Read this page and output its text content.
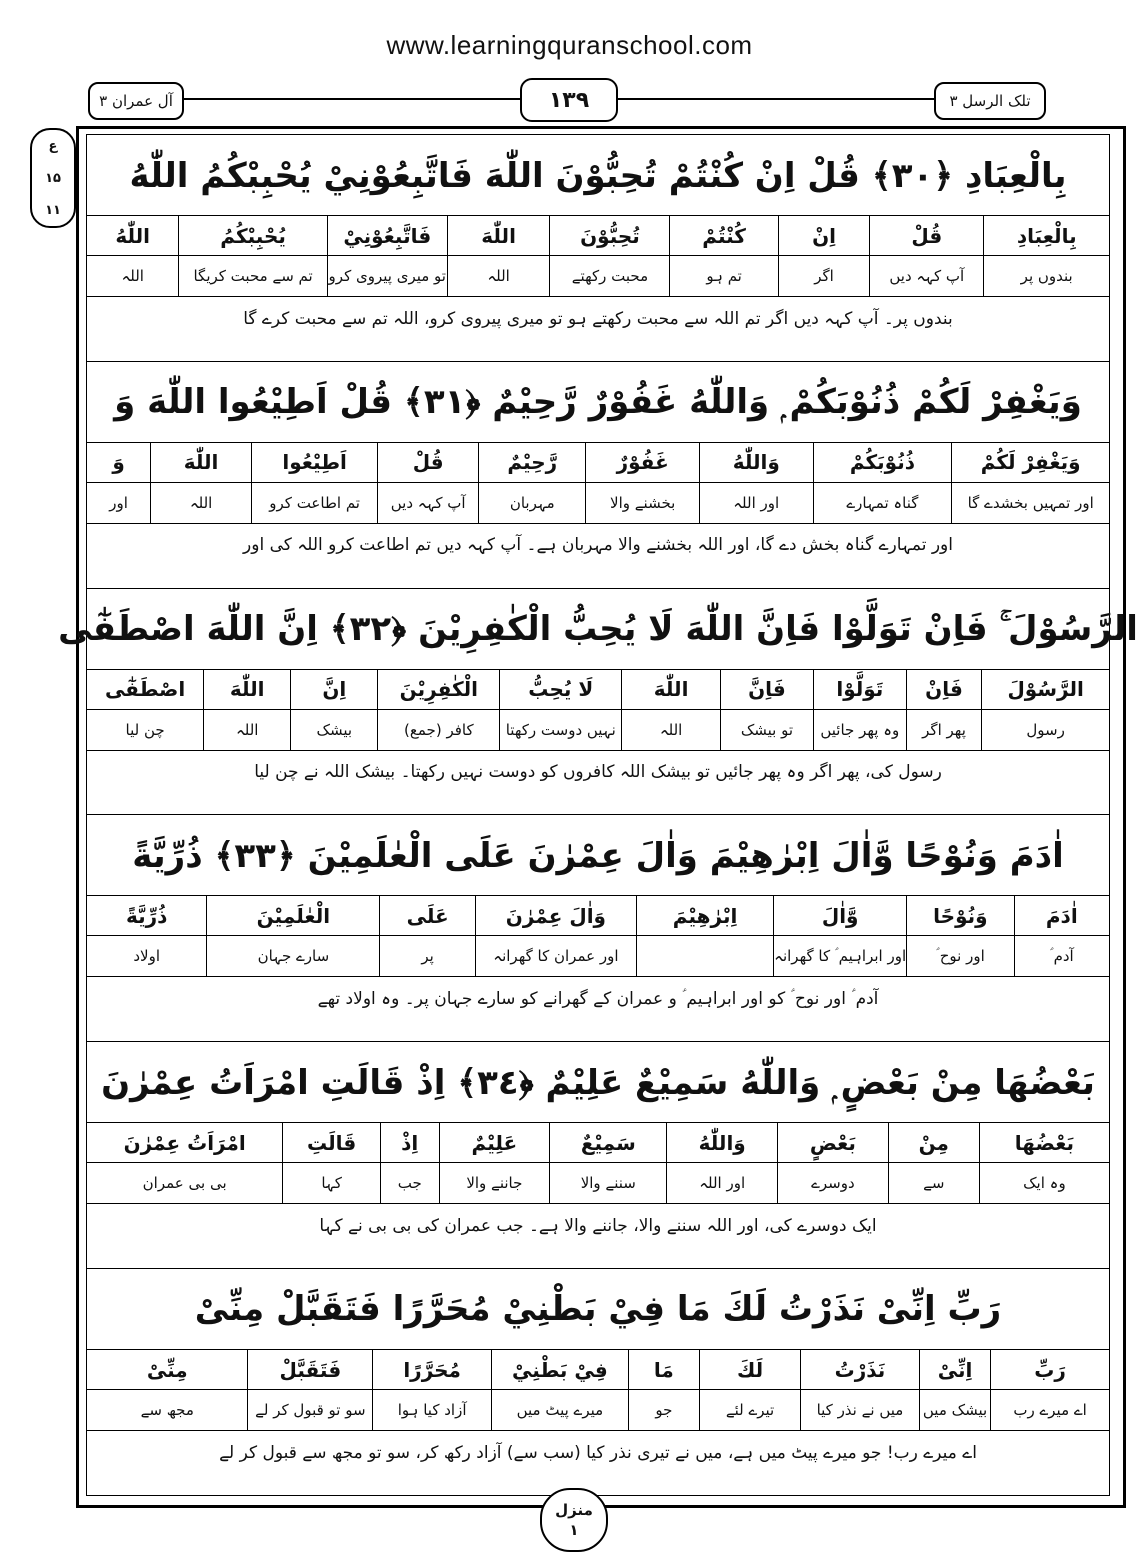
www.learningquranschool.com
آل عمران ۳	۱۳۹	تلک الرسل ۳
ع
۱۵
۱۱
بِالْعِبَادِ ﴿٣٠﴾ قُلْ اِنْ كُنْتُمْ تُحِبُّوْنَ اللّٰهَ فَاتَّبِعُوْنِيْ يُحْبِبْكُمُ اللّٰهُ
بِالْعِبَادِ
قُلْ
اِنْ
كُنْتُمْ
تُحِبُّوْنَ
اللّٰهَ
فَاتَّبِعُوْنِيْ
يُحْبِبْكُمُ
اللّٰهُ
بندوں پر
آپ کہہ دیں
اگر
تم ہو
محبت رکھتے
اللہ
تو میری پیروی کرو
تم سے محبت کریگا
اللہ
بندوں پر۔ آپ کہہ دیں اگر تم اللہ سے محبت رکھتے ہو تو میری پیروی کرو، اللہ تم سے محبت کرے گا
وَيَغْفِرْ لَكُمْ ذُنُوْبَكُمْ ۭ وَاللّٰهُ غَفُوْرٌ رَّحِيْمٌ ﴿٣١﴾ قُلْ اَطِيْعُوا اللّٰهَ وَ
وَيَغْفِرْ لَكُمْ
ذُنُوْبَكُمْ
وَاللّٰهُ
غَفُوْرٌ
رَّحِيْمٌ
قُلْ
اَطِيْعُوا
اللّٰهَ
وَ
اور تمہیں بخشدے گا
گناہ تمہارے
اور اللہ
بخشنے والا
مہربان
آپ کہہ دیں
تم اطاعت کرو
اللہ
اور
اور تمہارے گناہ بخش دے گا، اور اللہ بخشنے والا مہربان ہے۔ آپ کہہ دیں تم اطاعت کرو اللہ کی اور
الرَّسُوْلَ ۚ فَاِنْ تَوَلَّوْا فَاِنَّ اللّٰهَ لَا يُحِبُّ الْكٰفِرِيْنَ ﴿٣٢﴾ اِنَّ اللّٰهَ اصْطَفٰٓى
الرَّسُوْلَ
فَاِنْ
تَوَلَّوْا
فَاِنَّ
اللّٰهَ
لَا يُحِبُّ
الْكٰفِرِيْنَ
اِنَّ
اللّٰهَ
اصْطَفٰٓى
رسول
پھر اگر
وہ پھر جائیں
تو بیشک
اللہ
نہیں دوست رکھتا
کافر (جمع)
بیشک
اللہ
چن لیا
رسول کی، پھر اگر وہ پھر جائیں تو بیشک اللہ کافروں کو دوست نہیں رکھتا۔ بیشک اللہ نے چن لیا
اٰدَمَ وَنُوْحًا وَّاٰلَ اِبْرٰهِيْمَ وَاٰلَ عِمْرٰنَ عَلَى الْعٰلَمِيْنَ ﴿٣٣﴾ ذُرِّيَّةً
اٰدَمَ
وَنُوْحًا
وَّاٰلَ
اِبْرٰهِيْمَ
وَاٰلَ عِمْرٰنَ
عَلَى
الْعٰلَمِيْنَ
ذُرِّيَّةً
آدم ؑ
اور نوح ؑ
اور ابراہیم ؑ کا گھرانہ
اور عمران کا گھرانہ
پر
سارے جہان
اولاد
آدم ؑ اور نوح ؑ کو اور ابراہیم ؑ و عمران کے گھرانے کو سارے جہان پر۔ وہ اولاد تھے
بَعْضُهَا مِنْ بَعْضٍ ۭ وَاللّٰهُ سَمِيْعٌ عَلِيْمٌ ﴿٣٤﴾ اِذْ قَالَتِ امْرَاَتُ عِمْرٰنَ
بَعْضُهَا
مِنْ
بَعْضٍ
وَاللّٰهُ
سَمِيْعٌ
عَلِيْمٌ
اِذْ
قَالَتِ
امْرَاَتُ عِمْرٰنَ
وہ ایک
سے
دوسرے
اور اللہ
سننے والا
جاننے والا
جب
کہا
بی بی عمران
ایک دوسرے کی، اور اللہ سننے والا، جاننے والا ہے۔ جب عمران کی بی بی نے کہا
رَبِّ اِنِّىْ نَذَرْتُ لَكَ مَا فِيْ بَطْنِيْ مُحَرَّرًا فَتَقَبَّلْ مِنِّىْ
رَبِّ
اِنِّىْ
نَذَرْتُ
لَكَ
مَا
فِيْ بَطْنِيْ
مُحَرَّرًا
فَتَقَبَّلْ
مِنِّىْ
اے میرے رب
بیشک میں
میں نے نذر کیا
تیرے لئے
جو
میرے پیٹ میں
آزاد کیا ہوا
سو تو قبول کر لے
مجھ سے
اے میرے رب! جو میرے پیٹ میں ہے، میں نے تیری نذر کیا (سب سے) آزاد رکھ کر، سو تو مجھ سے قبول کر لے
منزل
۱
